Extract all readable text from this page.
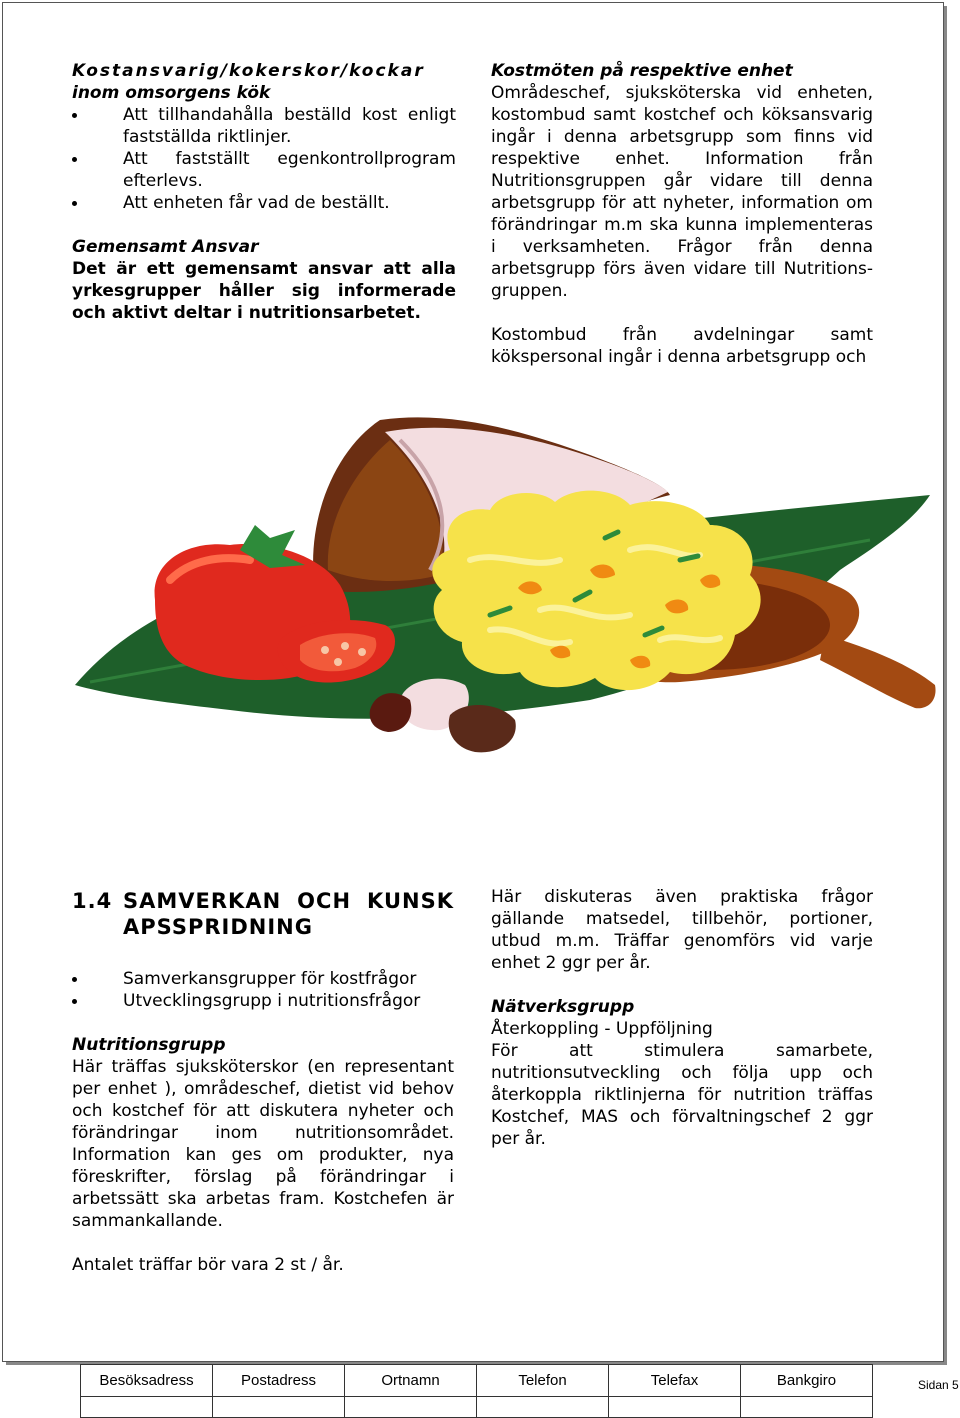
Kostansvarig/kokerskor/kockar

inom omsorgens kök

Att tillhandahålla beställd kost enligt fastställda riktlinjer.
Att fastställt egenkontrollprogram efterlevs.
Att enheten får vad de beställt.

Gemensamt Ansvar

Det är ett gemensamt ansvar att alla yrkesgrupper håller sig informerade och aktivt deltar i nutritionsarbetet.

Kostmöten på respektive enhet

Områdeschef, sjuksköterska vid enheten, kostombud samt kostchef och köksansvarig ingår i denna arbetsgrupp som finns vid respektive enhet. Information från Nutritionsgruppen går vidare till denna arbetsgrupp för att nyheter, information om förändringar m.m ska kunna implementeras i verksamheten. Frågor från denna arbetsgrupp förs även vidare till Nutritions-gruppen.

Kostombud från avdelningar samt kökspersonal ingår i denna arbetsgrupp och

1.4 SAMVERKAN OCH KUNSKAPSSPRIDNING
Samverkansgrupper för kostfrågor
Utvecklingsgrupp i nutritionsfrågor

Nutritionsgrupp

Här träffas sjuksköterskor (en representant per enhet ), områdeschef, dietist vid behov och kostchef för att diskutera nyheter och förändringar inom nutritionsområdet. Information kan ges om produkter, nya föreskrifter, förslag på förändringar i arbetssätt ska arbetas fram. Kostchefen är sammankallande.

Antalet träffar bör vara 2 st / år.

Här diskuteras även praktiska frågor gällande matsedel, tillbehör, portioner, utbud m.m. Träffar genomförs vid varje enhet 2 ggr per år.

Nätverksgrupp

Återkoppling - Uppföljning

För att stimulera samarbete, nutritionsutveckling och följa upp och återkoppla riktlinjerna för nutrition träffas Kostchef, MAS och förvaltningschef 2 ggr per år.

Besöksadress	Postadress	Ortnamn	Telefon	Telefax	Bankgiro
						Sidan 5
